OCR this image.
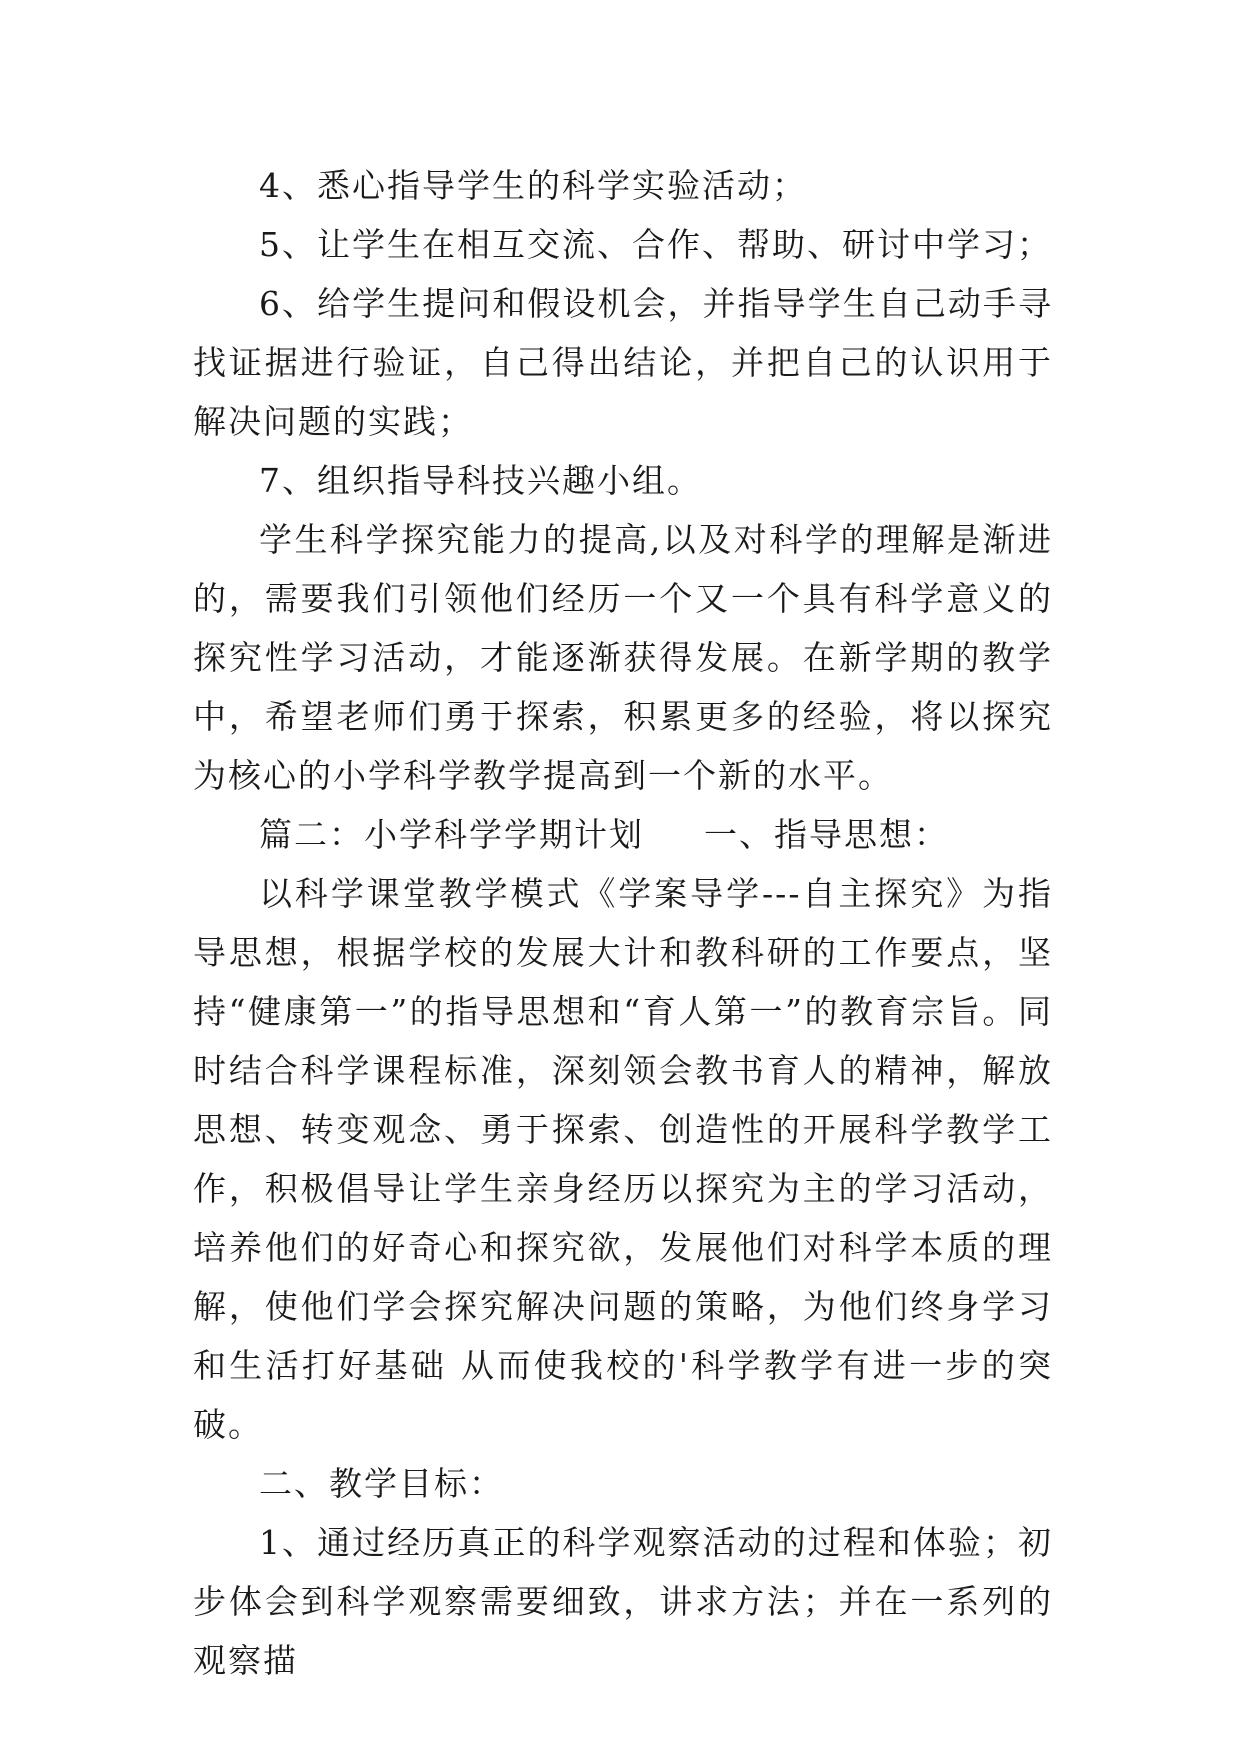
4、悉心指导学生的科学实验活动；

5、让学生在相互交流、合作、帮助、研讨中学习；

6、给学生提问和假设机会，并指导学生自己动手寻找证据进行验证，自己得出结论，并把自己的认识用于解决问题的实践；

7、组织指导科技兴趣小组。

学生科学探究能力的提高,以及对科学的理解是渐进的，需要我们引领他们经历一个又一个具有科学意义的探究性学习活动，才能逐渐获得发展。在新学期的教学中，希望老师们勇于探索，积累更多的经验，将以探究为核心的小学科学教学提高到一个新的水平。

篇二：小学科学学期计划 一、指导思想：

以科学课堂教学模式《学案导学---自主探究》为指导思想，根据学校的发展大计和教科研的工作要点，坚持“健康第一”的指导思想和“育人第一”的教育宗旨。同时结合科学课程标准，深刻领会教书育人的精神，解放思想、转变观念、勇于探索、创造性的开展科学教学工作，积极倡导让学生亲身经历以探究为主的学习活动，培养他们的好奇心和探究欲，发展他们对科学本质的理解，使他们学会探究解决问题的策略，为他们终身学习和生活打好基础 从而使我校的'科学教学有进一步的突破。

二、教学目标：

1、通过经历真正的科学观察活动的过程和体验；初步体会到科学观察需要细致，讲求方法；并在一系列的观察描
